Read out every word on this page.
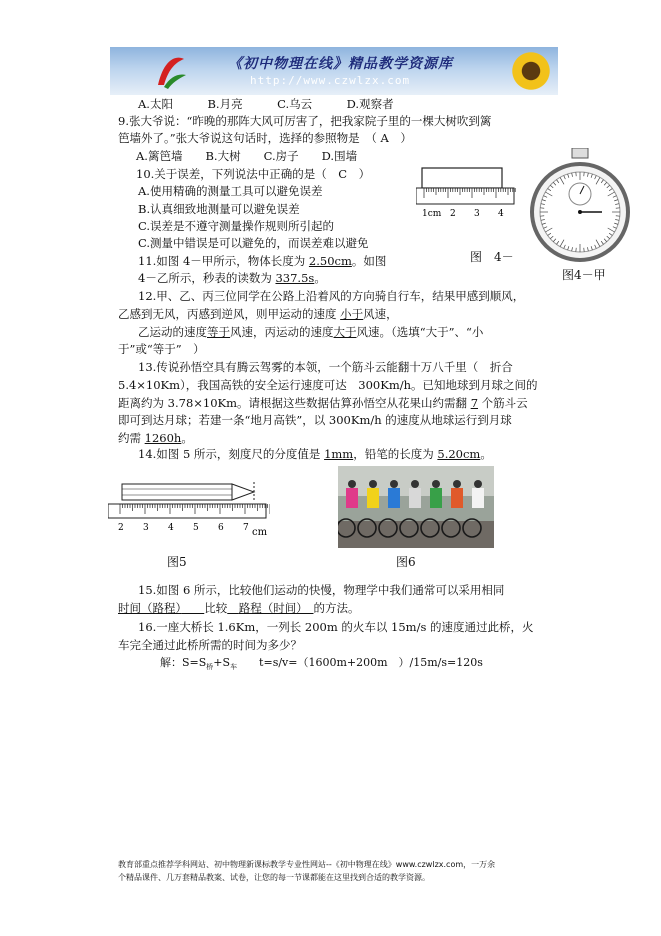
《初中物理在线》精品教学资源库
http://www.czwlzx.com
A.太阳　　　B.月亮　　　C.乌云　　　D.观察者
9.张大爷说：“昨晚的那阵大风可厉害了，把我家院子里的一棵大树吹到篱
笆墙外了。”张大爷说这句话时，选择的参照物是　（ A　）
A.篱笆墙　　B.大树　　C.房子　　D.围墙
10.关于误差，下列说法中正确的是（　C　）
A.使用精确的测量工具可以避免误差
B.认真细致地测量可以避免误差
C.误差是不遵守测量操作规则所引起的
C.测量中错误是可以避免的，而误差难以避免
11.如图 4－甲所示，物体长度为 2.50cm。如图
4－乙所示，秒表的读数为 337.5s。
12.甲、乙、丙三位同学在公路上沿着风的方向骑自行车，结果甲感到顺风，
乙感到无风，丙感到逆风，则甲运动的速度 小于风速，
乙运动的速度等于风速，丙运动的速度大于风速。（选填“大于”、“小
于”或“等于”　）
13.传说孙悟空具有腾云驾雾的本领，一个筋斗云能翻十万八千里（　折合
5.4×10Km），我国高铁的安全运行速度可达　300Km/h。已知地球到月球之间的
距离约为 3.78×10Km。请根据这些数据估算孙悟空从花果山约需翻 7 个筋斗云
即可到达月球；若建一条“地月高铁”，以 300Km/h 的速度从地球运行到月球
约需 1260h。
14.如图 5 所示，刻度尺的分度值是 1mm，铅笔的长度为 5.20cm。
1cm 2 3 4
图　4－
图4－甲
2 3 4 5 6 7 cm
图5	图6
15.如图 6 所示，比较他们运动的快慢，物理学中我们通常可以采用相同　
时间（路程）　　 比较　 路程（时间）　 的方法。
16.一座大桥长 1.6Km，一列长 200m 的火车以 15m/s 的速度通过此桥，火
车完全通过此桥所需的时间为多少？
解：$S=S_桥+S_车$　　t=s/v=（1600m+200m　）/15m/s=120s
教育部重点推荐学科网站、初中物理新课标教学专业性网站--《初中物理在线》www.czwlzx.com，一万余
个精品课件、几万套精品教案、试卷，让您的每一节课都能在这里找到合适的教学资源。
